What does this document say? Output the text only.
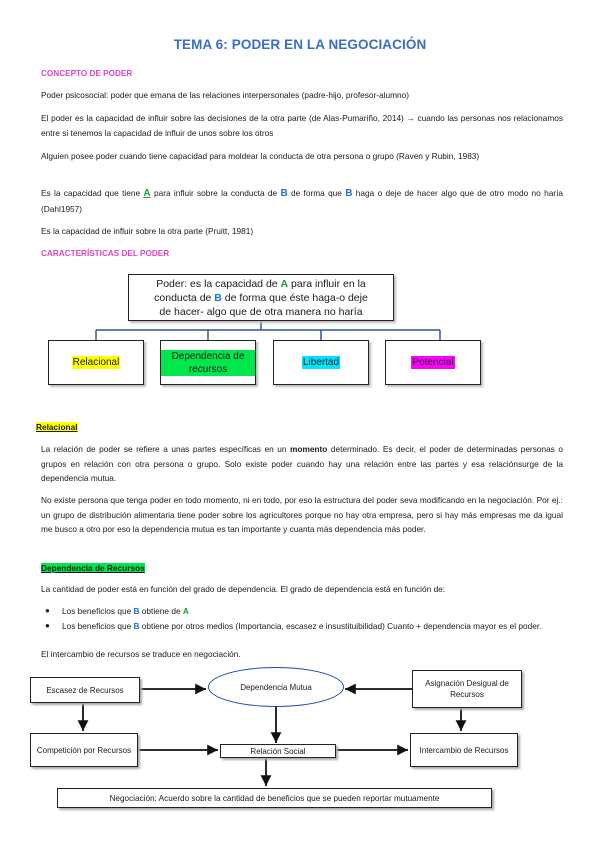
TEMA 6: PODER EN LA NEGOCIACIÓN
CONCEPTO DE PODER
Poder psicosocial: poder que emana de las relaciones interpersonales (padre-hijo, profesor-alumno)
El poder es la capacidad de influir sobre las decisiones de la otra parte (de Alas-Pumariño, 2014) → cuando las personas nos relacionamos entre si tenemos la capacidad de influir de unos sobre los otros
Alguien posee poder cuando tiene capacidad para moldear la conducta de otra persona o grupo (Raven y Rubin, 1983)
Es la capacidad que tiene A para influir sobre la conducta de B de forma que B haga o deje de hacer algo que de otro modo no haría (Dahl1957)
Es la capacidad de influir sobre la otra parte (Pruitt, 1981)
CARACTERÍSTICAS DEL PODER
Poder: es la capacidad de A para influir en la
conducta de B de forma que éste haga-o deje
de hacer- algo que de otra manera no haría
Relacional
Dependencia de recursos
Libertad	Potencial
Relacional
La relación de poder se refiere a unas partes específicas en un momento determinado. Es decir, el poder de determinadas personas o grupos en relación con otra persona o grupo. Solo existe poder cuando hay una relación entre las partes y esa relaciónsurge de la dependencia mutua.
No existe persona que tenga poder en todo momento, ni en todo, por eso la estructura del poder seva modificando en la negociación. Por ej.: un grupo de distribución alimentaria tiene poder sobre los agricultores porque no hay otra empresa, pero si hay más empresas me da igual me busco a otro por eso la dependencia mutua es tan importante y cuanta más dependencia más poder.
Dependencia de Recursos
La cantidad de poder está en función del grado de dependencia. El grado de dependencia está en función de:
● Los beneficios que B obtiene de A
● Los beneficios que B obtiene por otros medios (Importancia, escasez e insustituibilidad) Cuanto + dependencia mayor es el poder.
El intercambio de recursos se traduce en negociación.
Escasez de Recursos	Dependencia Mutua	Asignación Desigual de Recursos
Competición por Recursos	Relación Social	Intercambio de Recursos
Negociación: Acuerdo sobre la cantidad de beneficios que se pueden reportar mutuamente
